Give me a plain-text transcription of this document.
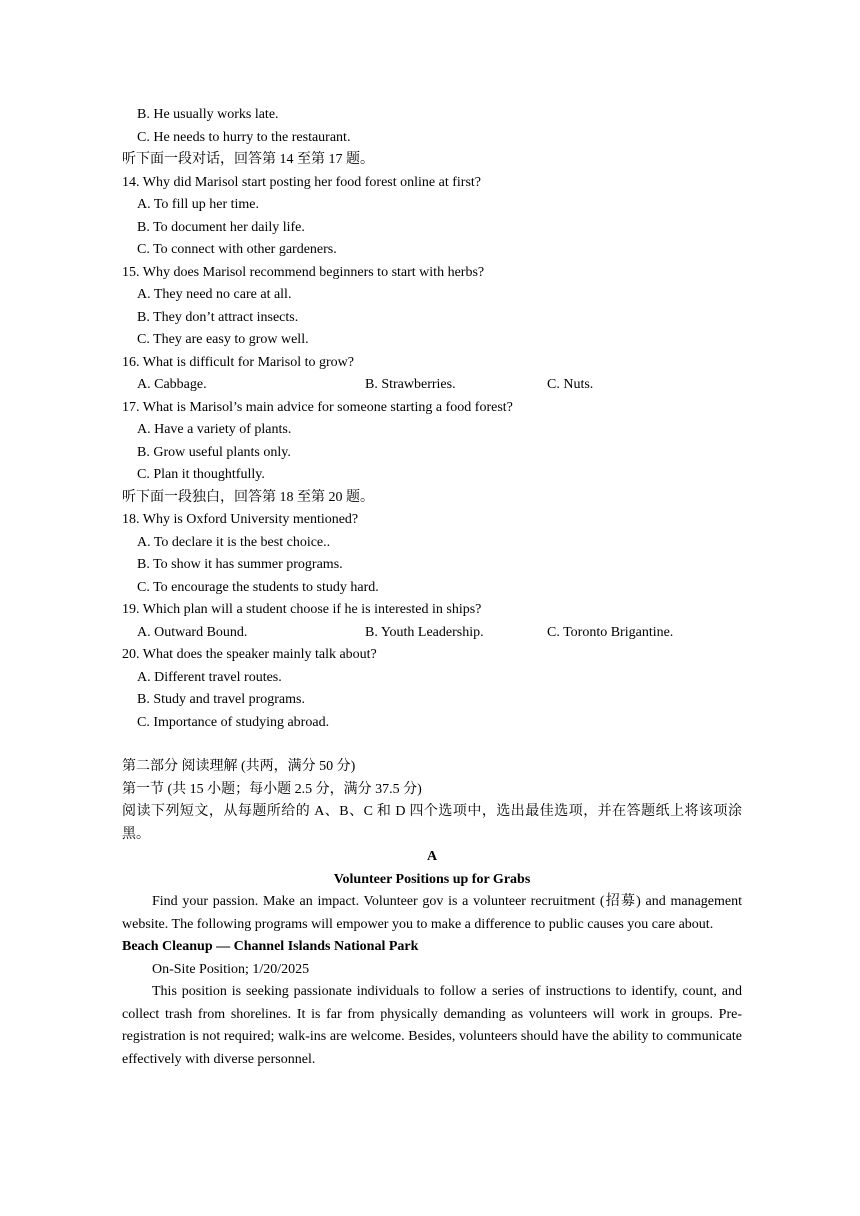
B. He usually works late.
C. He needs to hurry to the restaurant.
听下面一段对话，回答第 14 至第 17 题。
14. Why did Marisol start posting her food forest online at first?
A. To fill up her time.
B. To document her daily life.
C. To connect with other gardeners.
15. Why does Marisol recommend beginners to start with herbs?
A. They need no care at all.
B. They don’t attract insects.
C. They are easy to grow well.
16. What is difficult for Marisol to grow?
A. Cabbage.	B. Strawberries.	C. Nuts.
17. What is Marisol’s main advice for someone starting a food forest?
A. Have a variety of plants.
B. Grow useful plants only.
C. Plan it thoughtfully.
听下面一段独白，回答第 18 至第 20 题。
18. Why is Oxford University mentioned?
A. To declare it is the best choice..
B. To show it has summer programs.
C. To encourage the students to study hard.
19. Which plan will a student choose if he is interested in ships?
A. Outward Bound.	B. Youth Leadership.	C. Toronto Brigantine.
20. What does the speaker mainly talk about?
A. Different travel routes.
B. Study and travel programs.
C. Importance of studying abroad.
第二部分 阅读理解 (共两，满分 50 分)
第一节 (共 15 小题；每小题 2.5 分，满分 37.5 分)
阅读下列短文，从每题所给的 A、B、C 和 D 四个选项中，选出最佳选项，并在答题纸上将该项涂黑。
A
Volunteer Positions up for Grabs
Find your passion. Make an impact. Volunteer gov is a volunteer recruitment (招募) and management website. The following programs will empower you to make a difference to public causes you care about.
Beach Cleanup — Channel Islands National Park
On-Site Position; 1/20/2025
This position is seeking passionate individuals to follow a series of instructions to identify, count, and collect trash from shorelines. It is far from physically demanding as volunteers will work in groups. Pre-registration is not required; walk-ins are welcome. Besides, volunteers should have the ability to communicate effectively with diverse personnel.
